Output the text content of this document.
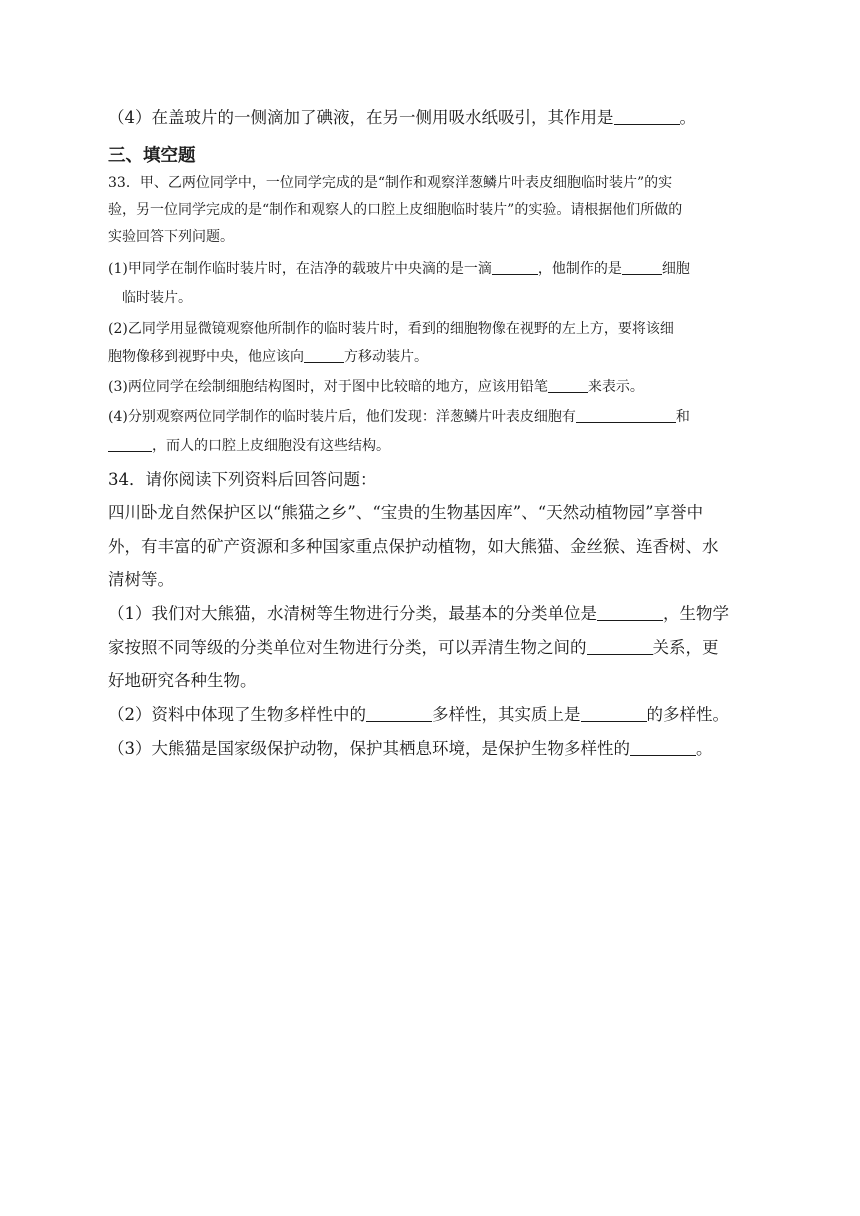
（4）在盖玻片的一侧滴加了碘液，在另一侧用吸水纸吸引，其作用是	。
三、填空题
33．甲、乙两位同学中，一位同学完成的是“制作和观察洋葱鳞片叶表皮细胞临时装片”的实
验，另一位同学完成的是“制作和观察人的口腔上皮细胞临时装片”的实验。请根据他们所做的
实验回答下列问题。
(1)甲同学在制作临时装片时，在洁净的载玻片中央滴的是一滴	，他制作的是	细胞
临时装片。
(2)乙同学用显微镜观察他所制作的临时装片时，看到的细胞物像在视野的左上方，要将该细
胞物像移到视野中央，他应该向	方移动装片。
(3)两位同学在绘制细胞结构图时，对于图中比较暗的地方，应该用铅笔	来表示。
(4)分别观察两位同学制作的临时装片后，他们发现：洋葱鳞片叶表皮细胞有	和
，而人的口腔上皮细胞没有这些结构。
34．请你阅读下列资料后回答问题：
四川卧龙自然保护区以“熊猫之乡”、“宝贵的生物基因库”、“天然动植物园”享誉中
外，有丰富的矿产资源和多种国家重点保护动植物，如大熊猫、金丝猴、连香树、水
清树等。
（1）我们对大熊猫，水清树等生物进行分类，最基本的分类单位是	，生物学
家按照不同等级的分类单位对生物进行分类，可以弄清生物之间的	关系，更
好地研究各种生物。
（2）资料中体现了生物多样性中的	多样性，其实质上是	的多样性。
（3）大熊猫是国家级保护动物，保护其栖息环境，是保护生物多样性的	。
